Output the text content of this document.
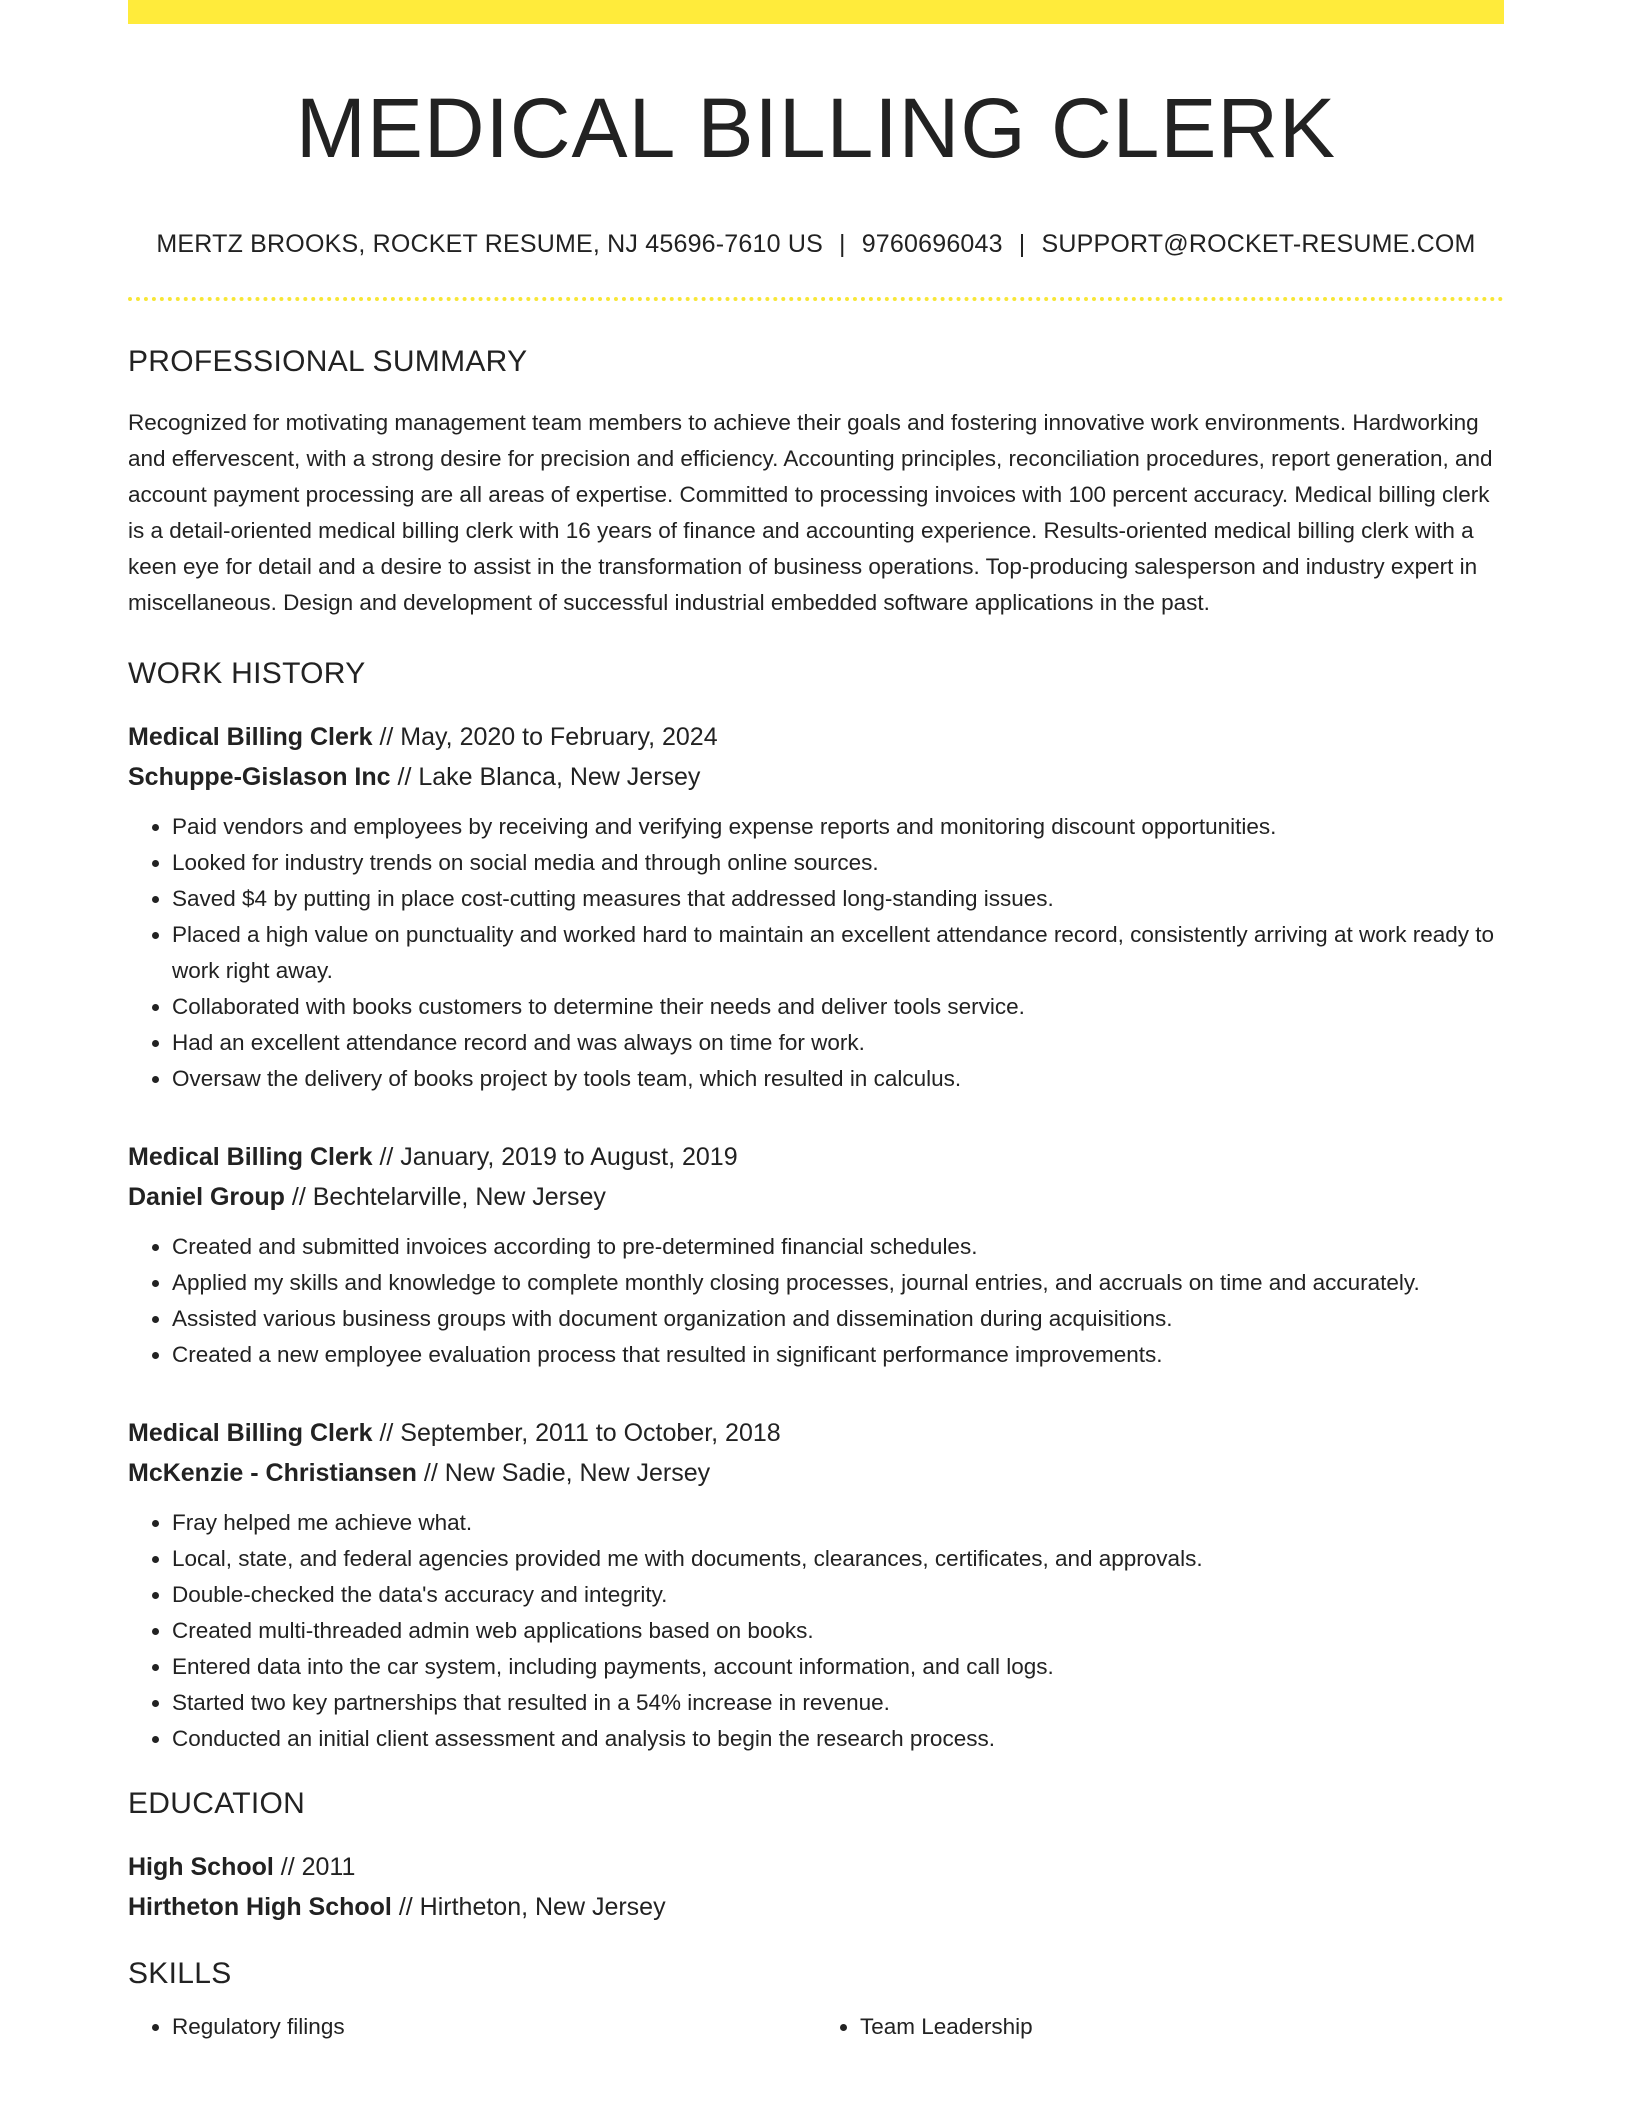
MEDICAL BILLING CLERK
MERTZ BROOKS, ROCKET RESUME, NJ 45696-7610 US | 9760696043 | SUPPORT@ROCKET-RESUME.COM
PROFESSIONAL SUMMARY
Recognized for motivating management team members to achieve their goals and fostering innovative work environments. Hardworking and effervescent, with a strong desire for precision and efficiency. Accounting principles, reconciliation procedures, report generation, and account payment processing are all areas of expertise. Committed to processing invoices with 100 percent accuracy. Medical billing clerk is a detail-oriented medical billing clerk with 16 years of finance and accounting experience. Results-oriented medical billing clerk with a keen eye for detail and a desire to assist in the transformation of business operations. Top-producing salesperson and industry expert in miscellaneous. Design and development of successful industrial embedded software applications in the past.
WORK HISTORY
Medical Billing Clerk // May, 2020 to February, 2024
Schuppe-Gislason Inc // Lake Blanca, New Jersey
• Paid vendors and employees by receiving and verifying expense reports and monitoring discount opportunities.
• Looked for industry trends on social media and through online sources.
• Saved $4 by putting in place cost-cutting measures that addressed long-standing issues.
• Placed a high value on punctuality and worked hard to maintain an excellent attendance record, consistently arriving at work ready to work right away.
• Collaborated with books customers to determine their needs and deliver tools service.
• Had an excellent attendance record and was always on time for work.
• Oversaw the delivery of books project by tools team, which resulted in calculus.
Medical Billing Clerk // January, 2019 to August, 2019
Daniel Group // Bechtelarville, New Jersey
• Created and submitted invoices according to pre-determined financial schedules.
• Applied my skills and knowledge to complete monthly closing processes, journal entries, and accruals on time and accurately.
• Assisted various business groups with document organization and dissemination during acquisitions.
• Created a new employee evaluation process that resulted in significant performance improvements.
Medical Billing Clerk // September, 2011 to October, 2018
McKenzie - Christiansen // New Sadie, New Jersey
• Fray helped me achieve what.
• Local, state, and federal agencies provided me with documents, clearances, certificates, and approvals.
• Double-checked the data's accuracy and integrity.
• Created multi-threaded admin web applications based on books.
• Entered data into the car system, including payments, account information, and call logs.
• Started two key partnerships that resulted in a 54% increase in revenue.
• Conducted an initial client assessment and analysis to begin the research process.
EDUCATION
High School // 2011
Hirtheton High School // Hirtheton, New Jersey
SKILLS
• Regulatory filings
•	Team Leadership
